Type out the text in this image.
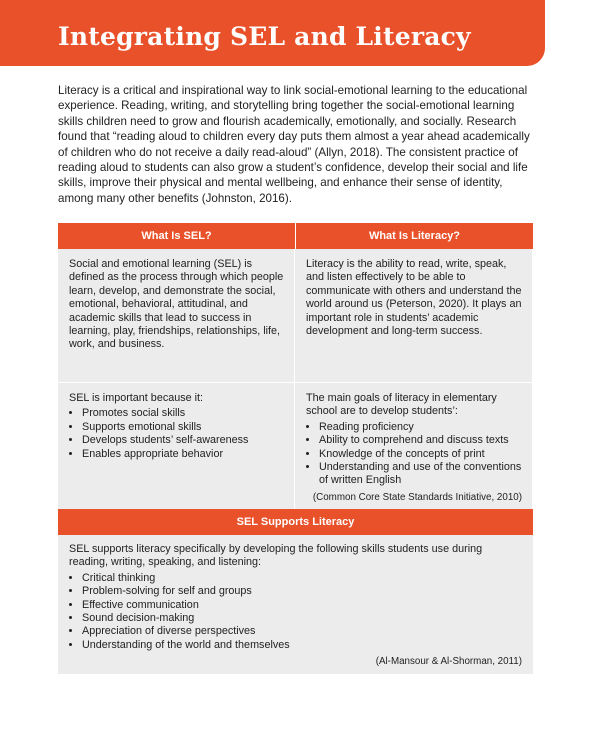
Integrating SEL and Literacy

Literacy is a critical and inspirational way to link social-emotional learning to the educational experience. Reading, writing, and storytelling bring together the social-emotional learning skills children need to grow and flourish academically, emotionally, and socially. Research found that “reading aloud to children every day puts them almost a year ahead academically of children who do not receive a daily read-aloud” (Allyn, 2018). The consistent practice of reading aloud to students can also grow a student’s confidence, develop their social and life skills, improve their physical and mental wellbeing, and enhance their sense of identity, among many other benefits (Johnston, 2016).

What Is SEL?	What Is Literacy?

Social and emotional learning (SEL) is defined as the process through which people learn, develop, and demonstrate the social, emotional, behavioral, attitudinal, and academic skills that lead to success in learning, play, friendships, relationships, life, work, and business.

Literacy is the ability to read, write, speak, and listen effectively to be able to communicate with others and understand the world around us (Peterson, 2020). It plays an important role in students’ academic development and long-term success.

SEL is important because it:

• Promotes social skills
• Supports emotional skills
• Develops students’ self-awareness
• Enables appropriate behavior

The main goals of literacy in elementary school are to develop students’:

• Reading proficiency
• Ability to comprehend and discuss texts
• Knowledge of the concepts of print
• Understanding and use of the conventions of written English
(Common Core State Standards Initiative, 2010)
SEL Supports Literacy

SEL supports literacy specifically by developing the following skills students use during reading, writing, speaking, and listening:

• Critical thinking
• Problem-solving for self and groups
• Effective communication
• Sound decision-making
• Appreciation of diverse perspectives
• Understanding of the world and themselves
(Al-Mansour & Al-Shorman, 2011)
